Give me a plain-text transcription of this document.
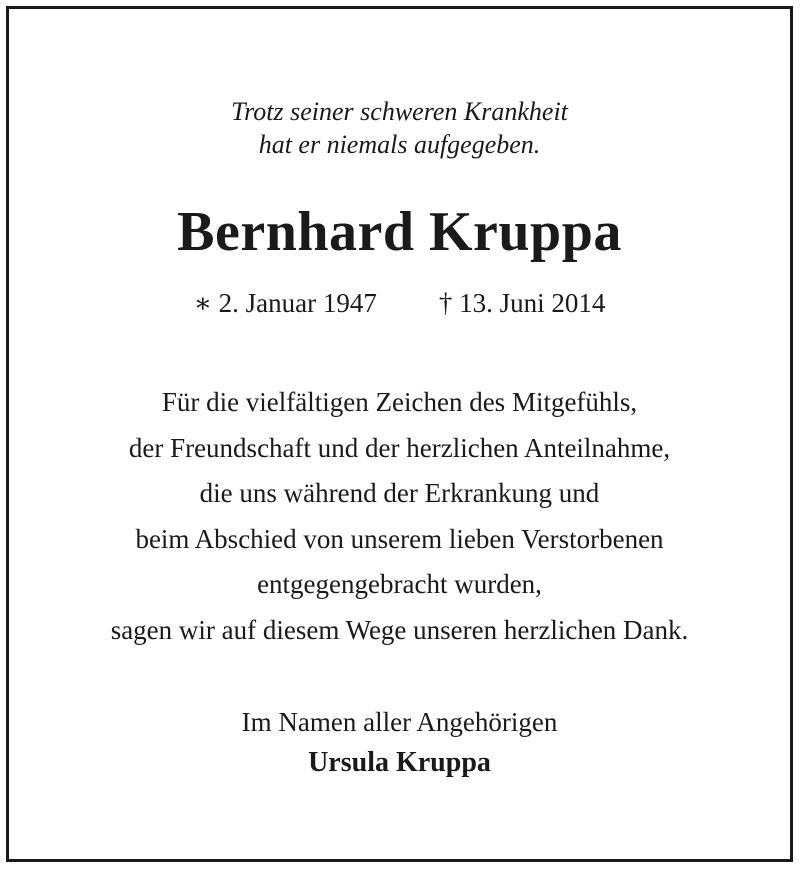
Trotz seiner schweren Krankheit
hat er niemals aufgegeben.
Bernhard Kruppa
∗ 2. Januar 1947 † 13. Juni 2014
Für die vielfältigen Zeichen des Mitgefühls,
der Freundschaft und der herzlichen Anteilnahme,
die uns während der Erkrankung und
beim Abschied von unserem lieben Verstorbenen
entgegengebracht wurden,
sagen wir auf diesem Wege unseren herzlichen Dank.
Im Namen aller Angehörigen
Ursula Kruppa
